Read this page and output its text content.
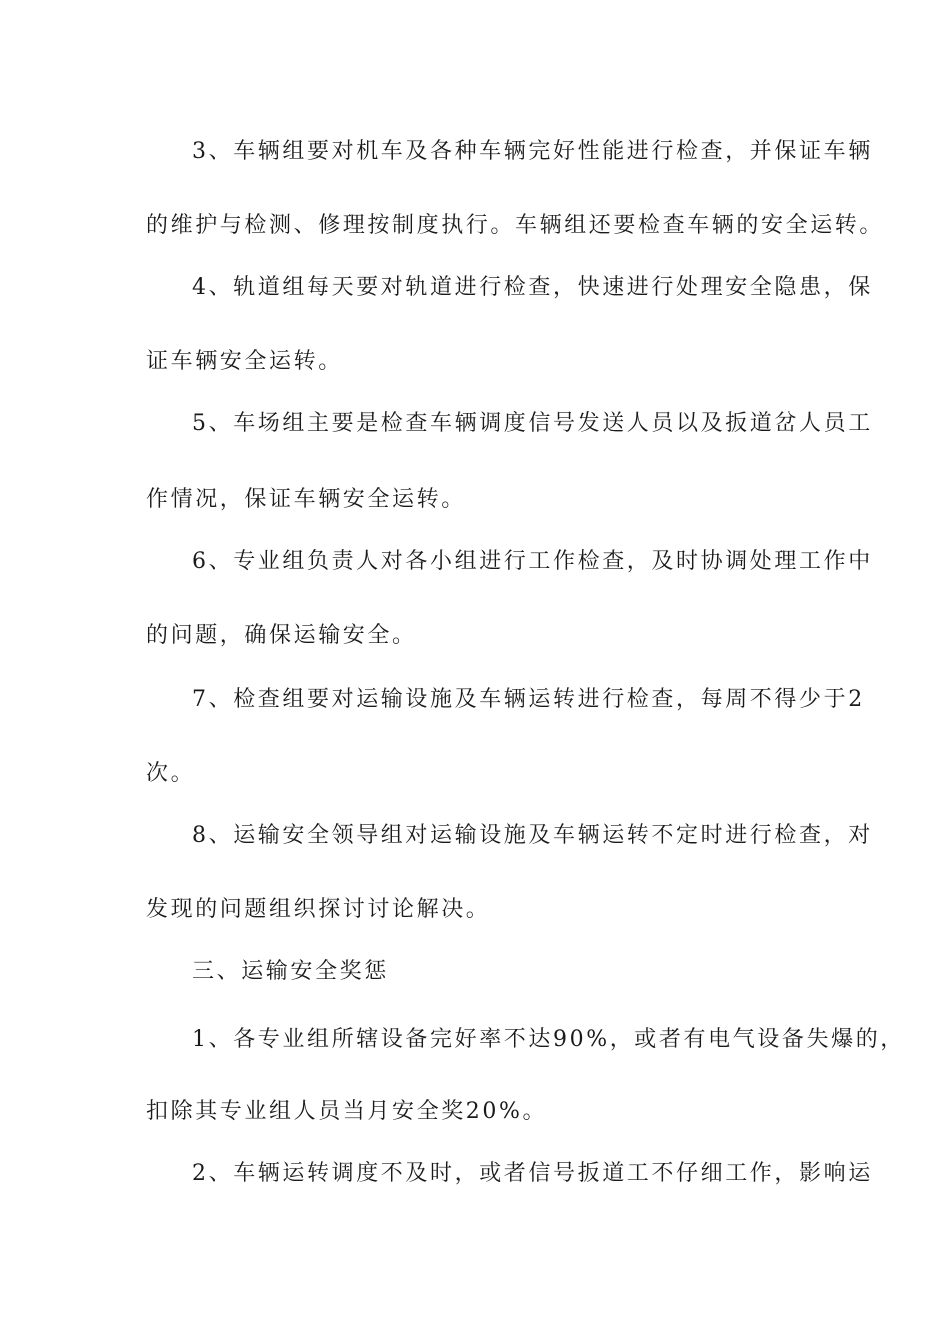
3、车辆组要对机车及各种车辆完好性能进行检查，并保证车辆
的维护与检测、修理按制度执行。车辆组还要检查车辆的安全运转。
4、轨道组每天要对轨道进行检查，快速进行处理安全隐患，保
证车辆安全运转。
5、车场组主要是检查车辆调度信号发送人员以及扳道岔人员工
作情况，保证车辆安全运转。
6、专业组负责人对各小组进行工作检查，及时协调处理工作中
的问题，确保运输安全。
7、检查组要对运输设施及车辆运转进行检查，每周不得少于2
次。
8、运输安全领导组对运输设施及车辆运转不定时进行检查，对
发现的问题组织探讨讨论解决。
三、运输安全奖惩
1、各专业组所辖设备完好率不达90%，或者有电气设备失爆的，
扣除其专业组人员当月安全奖20%。
2、车辆运转调度不及时，或者信号扳道工不仔细工作，影响运
